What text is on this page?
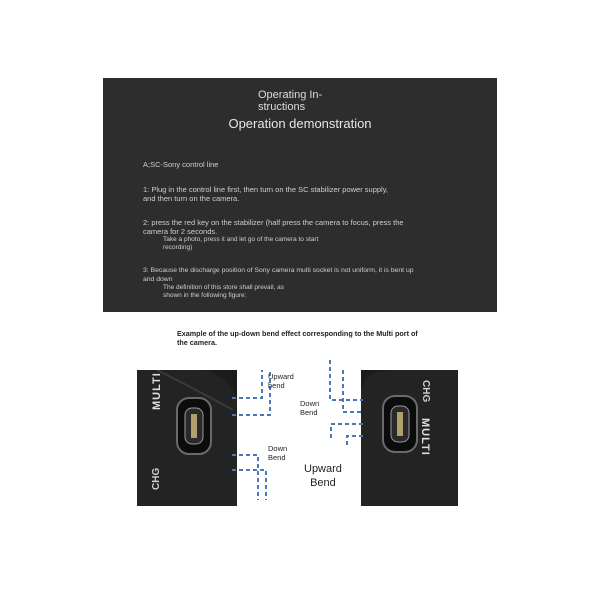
Operating In-
structions
Operation demonstration
A;SC-Sony control line
1: Plug in the control line first, then turn on the SC stabilizer power supply,
and then turn on the camera.
2: press the red key on the stabilizer (half press the camera to focus, press the
camera for 2 seconds.
Take a photo, press it and let go of the camera to start
recording)
3: Because the discharge position of Sony camera multi socket is not uniform, it is bent up
and down
The definition of this store shall prevail, as
shown in the following figure:
Example of the up-down bend effect corresponding to the Multi port of
the camera.
MULTI
CHG
CHG
MULTI
Upward
bend
Down
Bend
Down
Bend
Upward
Bend
